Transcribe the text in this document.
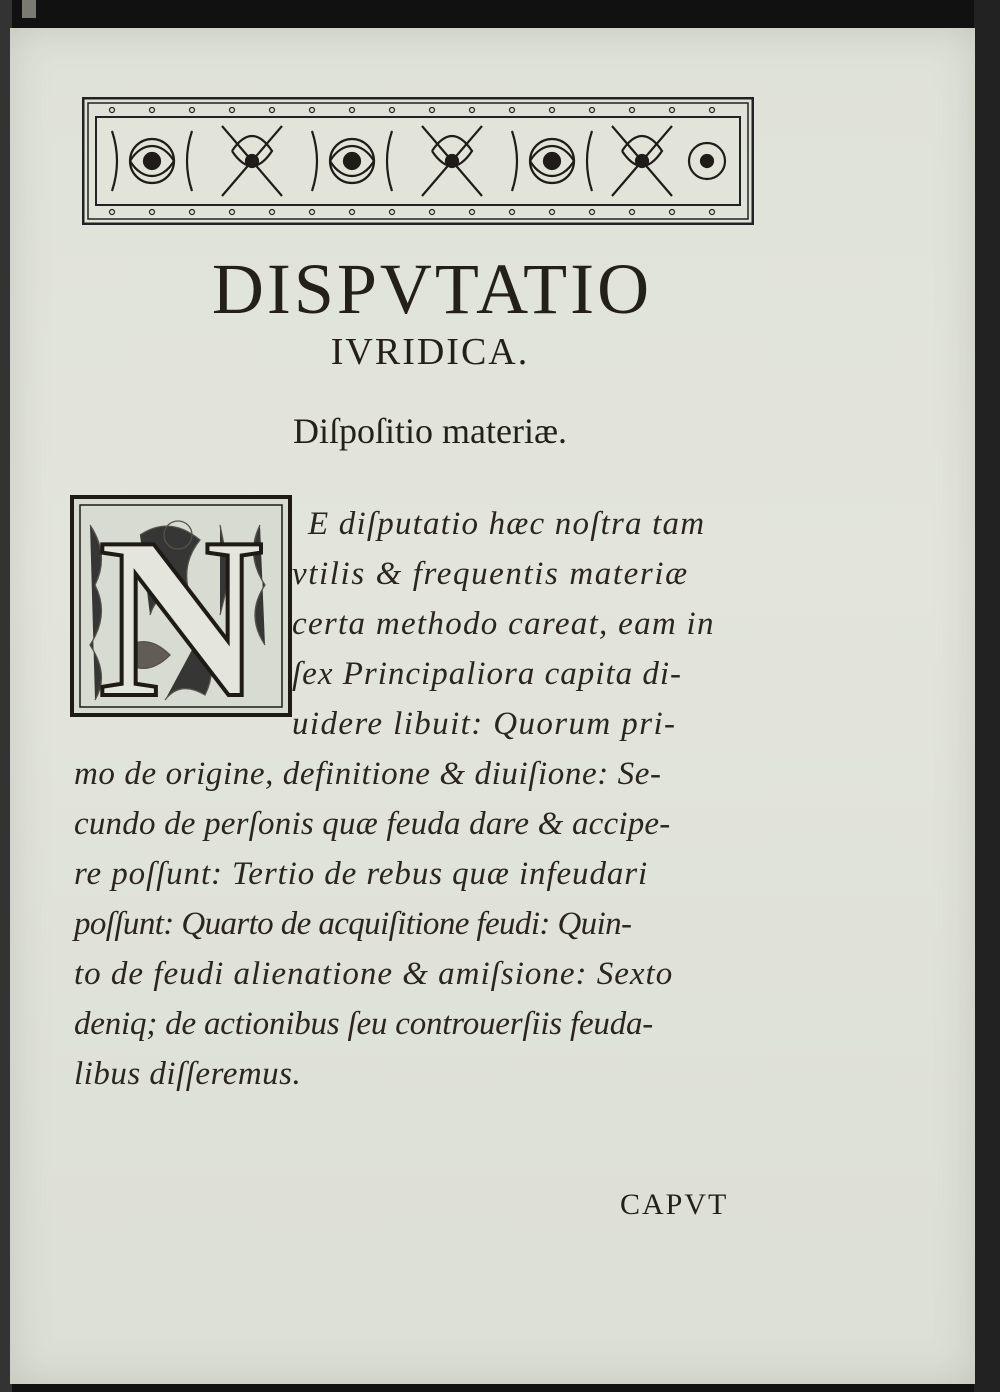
DISPVTATIO
IVRIDICA.
Diſpoſitio materiæ.
N E diſputatio hæc noſtra tam
vtilis & frequentis materiæ
certa methodo careat, eam in
ſex Principaliora capita di-
uidere libuit: Quorum pri-
mo de origine, definitione & diuiſione: Se-
cundo de perſonis quæ feuda dare & accipe-
re poſſunt: Tertio de rebus quæ infeudari
poſſunt: Quarto de acquiſitione feudi: Quin-
to de feudi alienatione & amiſsione: Sexto
deniq; de actionibus ſeu controuerſiis feuda-
libus diſſeremus.
CAPVT
